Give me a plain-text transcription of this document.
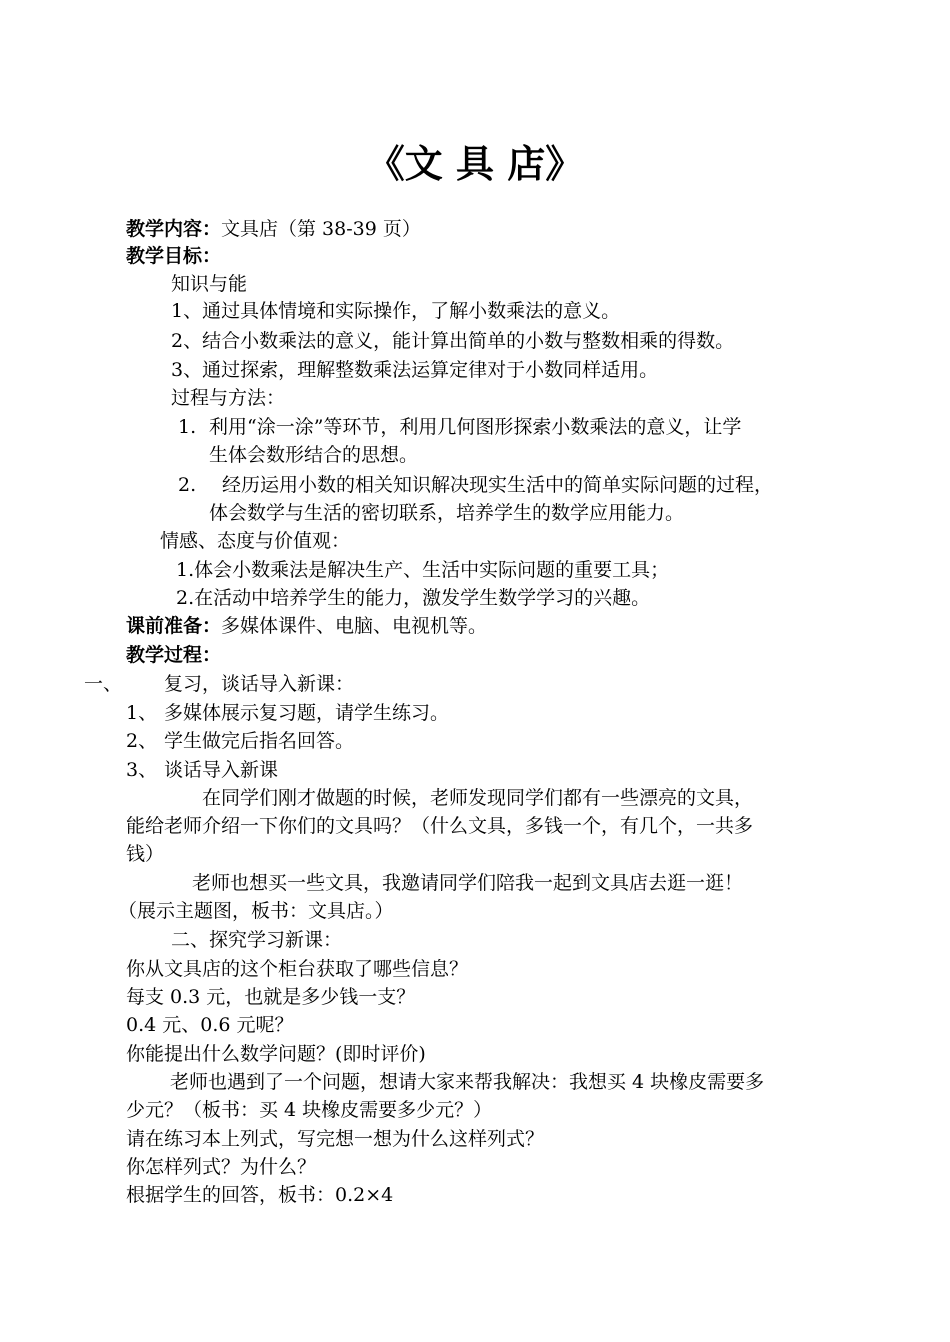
《文 具 店》
教学内容：文具店（第 38-39 页）
教学目标：
知识与能
1、通过具体情境和实际操作，了解小数乘法的意义。
2、结合小数乘法的意义，能计算出简单的小数与整数相乘的得数。
3、通过探索，理解整数乘法运算定律对于小数同样适用。
过程与方法：
1. 利用“涂一涂”等环节，利用几何图形探索小数乘法的意义，让学
生体会数形结合的思想。
2. 经历运用小数的相关知识解决现实生活中的简单实际问题的过程，
体会数学与生活的密切联系，培养学生的数学应用能力。
情感、态度与价值观：
1.体会小数乘法是解决生产、生活中实际问题的重要工具；
2.在活动中培养学生的能力，激发学生数学学习的兴趣。
课前准备：多媒体课件、电脑、电视机等。
教学过程：
一、 复习，谈话导入新课：
1、 多媒体展示复习题，请学生练习。
2、 学生做完后指名回答。
3、 谈话导入新课
在同学们刚才做题的时候，老师发现同学们都有一些漂亮的文具，
能给老师介绍一下你们的文具吗？（什么文具，多钱一个，有几个，一共多
钱）
老师也想买一些文具，我邀请同学们陪我一起到文具店去逛一逛！
（展示主题图，板书：文具店。）
二、探究学习新课：
你从文具店的这个柜台获取了哪些信息？
每支 0.3 元，也就是多少钱一支？
0.4 元、0.6 元呢？
你能提出什么数学问题？(即时评价)
老师也遇到了一个问题，想请大家来帮我解决：我想买 4 块橡皮需要多
少元？（板书：买 4 块橡皮需要多少元？）
请在练习本上列式，写完想一想为什么这样列式？
你怎样列式？为什么？
根据学生的回答，板书：0.2×4
